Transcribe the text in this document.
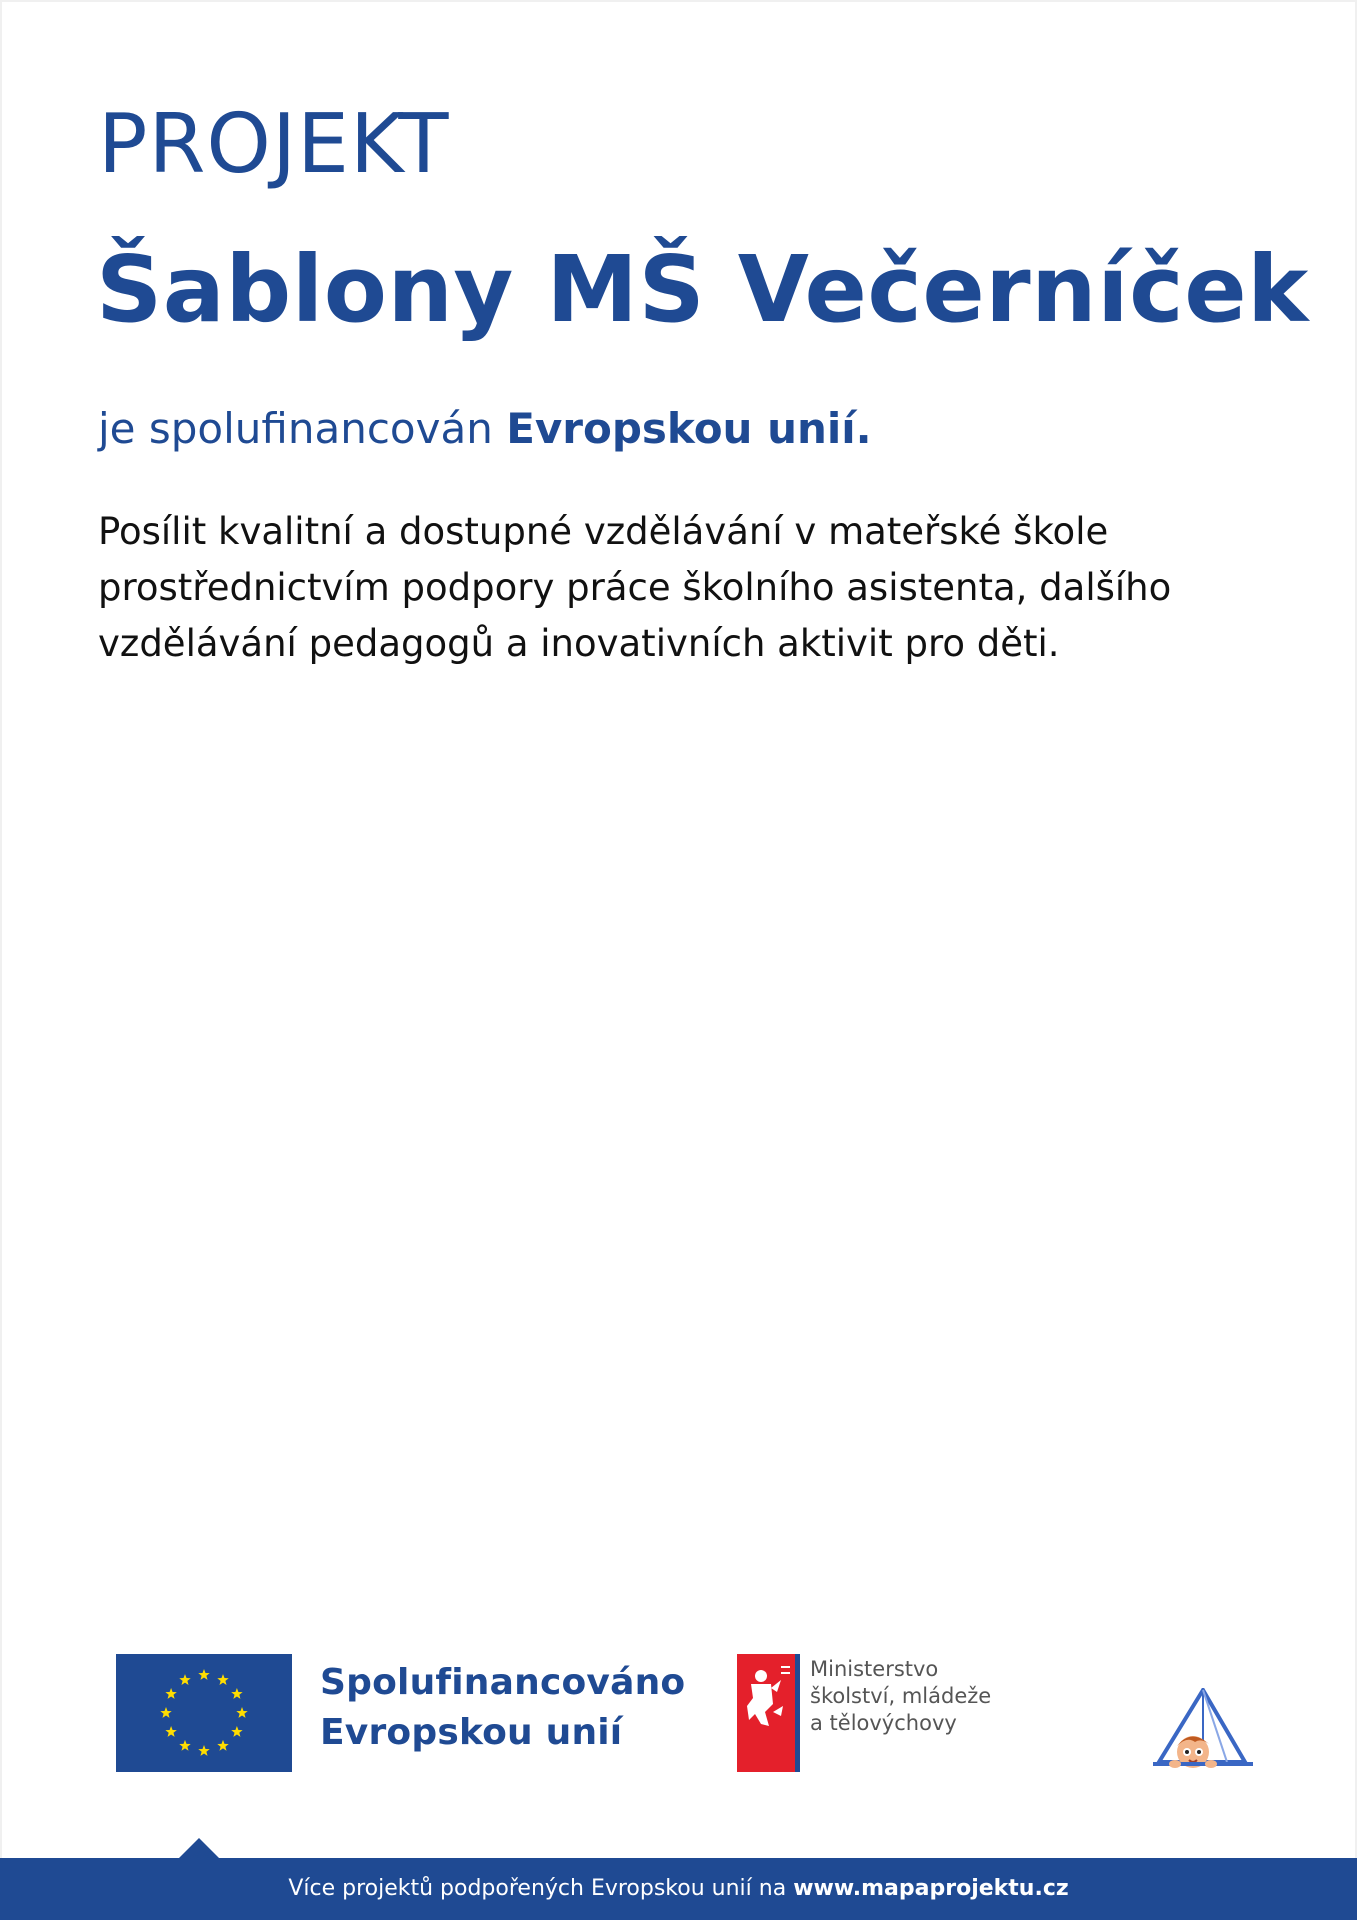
PROJEKT
Šablony MŠ Večerníček
je spolufinancován Evropskou unií.
Posílit kvalitní a dostupné vzdělávání v mateřské škole prostřednictvím podpory práce školního asistenta, dalšího vzdělávání pedagogů a inovativních aktivit pro děti.
Spolufinancováno
Evropskou unií
Ministerstvo
školství, mládeže
a tělovýchovy
Více projektů podpořených Evropskou unií na www.mapaprojektu.cz
